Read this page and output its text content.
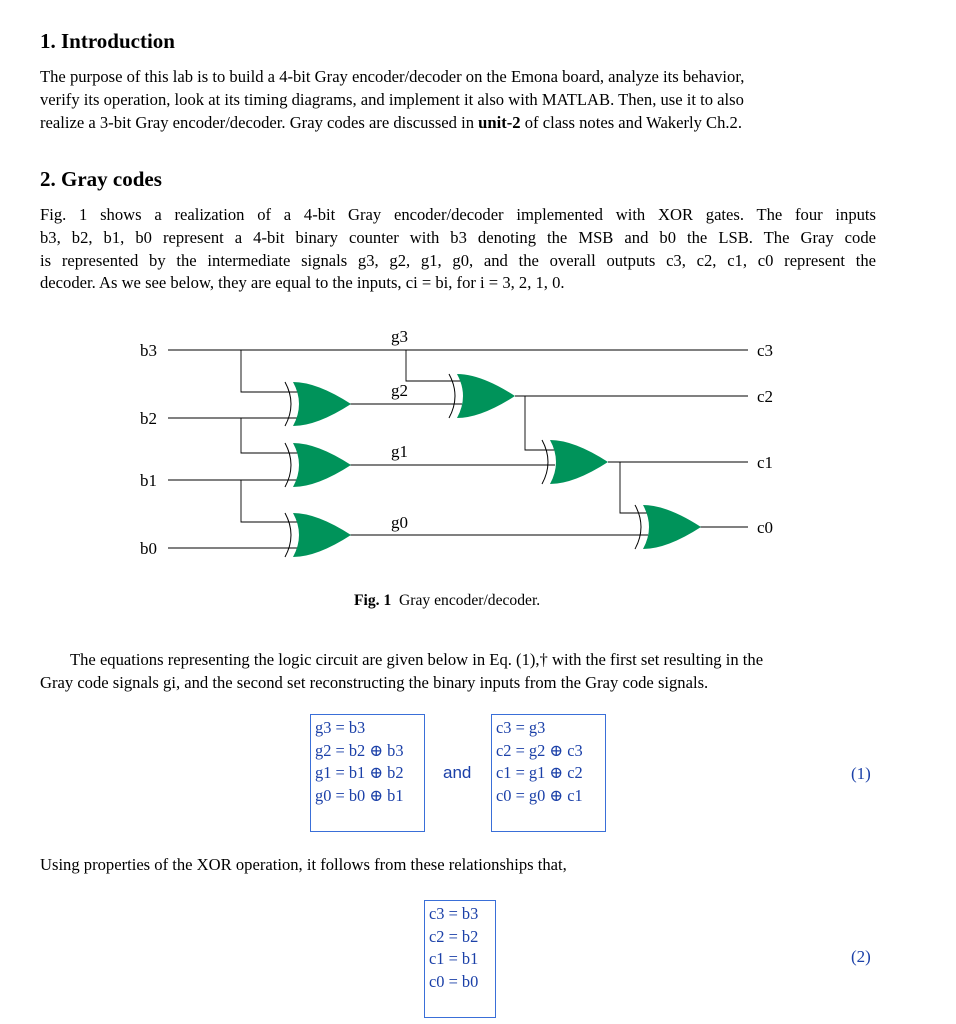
1. Introduction
The purpose of this lab is to build a 4-bit Gray encoder/decoder on the Emona board, analyze its behavior,
verify its operation, look at its timing diagrams, and implement it also with MATLAB. Then, use it to also
realize a 3-bit Gray encoder/decoder. Gray codes are discussed in unit-2 of class notes and Wakerly Ch.2.
2. Gray codes
Fig. 1 shows a realization of a 4-bit Gray encoder/decoder implemented with XOR gates. The four inputs
b3, b2, b1, b0 represent a 4-bit binary counter with b3 denoting the MSB and b0 the LSB. The Gray code
is represented by the intermediate signals g3, g2, g1, g0, and the overall outputs c3, c2, c1, c0 represent the
decoder. As we see below, they are equal to the inputs, ci = bi, for i = 3, 2, 1, 0.
b3
b2
b1
b0
g3
g2
g1
g0
c3
c2
c1
c0
Fig. 1 Gray encoder/decoder.
The equations representing the logic circuit are given below in Eq. (1),† with the first set resulting in the
Gray code signals gi, and the second set reconstructing the binary inputs from the Gray code signals.
g3 = b3
g2 = b2 ⊕ b3
g1 = b1 ⊕ b2
g0 = b0 ⊕ b1
and
c3 = g3
c2 = g2 ⊕ c3
c1 = g1 ⊕ c2
c0 = g0 ⊕ c1
(1)
Using properties of the XOR operation, it follows from these relationships that,
c3 = b3
c2 = b2
c1 = b1
c0 = b0
(2)
